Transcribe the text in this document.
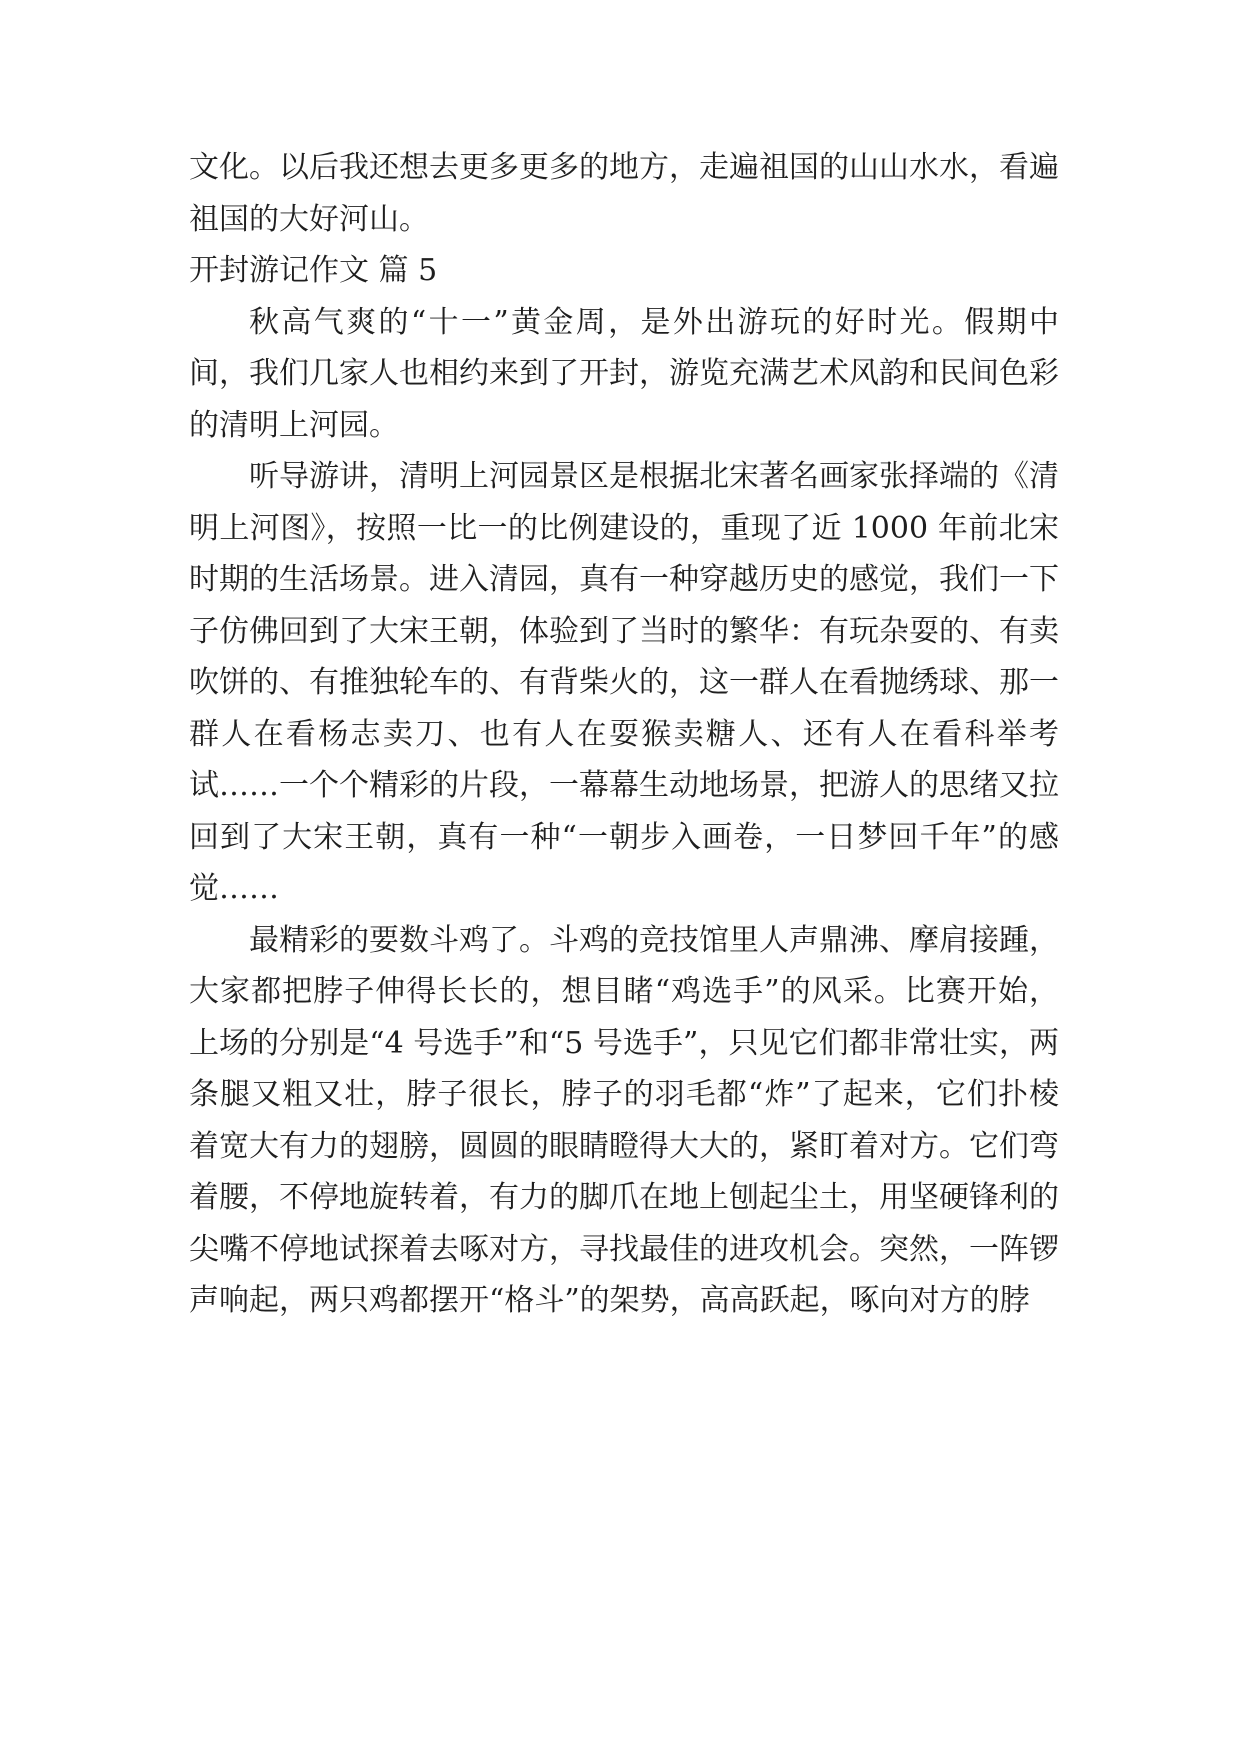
文化。以后我还想去更多更多的地方，走遍祖国的山山水水，看遍祖国的大好河山。

开封游记作文 篇 5

秋高气爽的“十一”黄金周，是外出游玩的好时光。假期中间，我们几家人也相约来到了开封，游览充满艺术风韵和民间色彩的清明上河园。

听导游讲，清明上河园景区是根据北宋著名画家张择端的《清明上河图》，按照一比一的比例建设的，重现了近 1000 年前北宋时期的生活场景。进入清园，真有一种穿越历史的感觉，我们一下子仿佛回到了大宋王朝，体验到了当时的繁华：有玩杂耍的、有卖吹饼的、有推独轮车的、有背柴火的，这一群人在看抛绣球、那一群人在看杨志卖刀、也有人在耍猴卖糖人、还有人在看科举考试……一个个精彩的片段，一幕幕生动地场景，把游人的思绪又拉回到了大宋王朝，真有一种“一朝步入画卷，一日梦回千年”的感觉……

最精彩的要数斗鸡了。斗鸡的竞技馆里人声鼎沸、摩肩接踵，大家都把脖子伸得长长的，想目睹“鸡选手”的风采。比赛开始，上场的分别是“4 号选手”和“5 号选手”，只见它们都非常壮实，两条腿又粗又壮，脖子很长，脖子的羽毛都“炸”了起来，它们扑棱着宽大有力的翅膀，圆圆的眼睛瞪得大大的，紧盯着对方。它们弯着腰，不停地旋转着，有力的脚爪在地上刨起尘土，用坚硬锋利的尖嘴不停地试探着去啄对方，寻找最佳的进攻机会。突然，一阵锣声响起，两只鸡都摆开“格斗”的架势，高高跃起，啄向对方的脖
